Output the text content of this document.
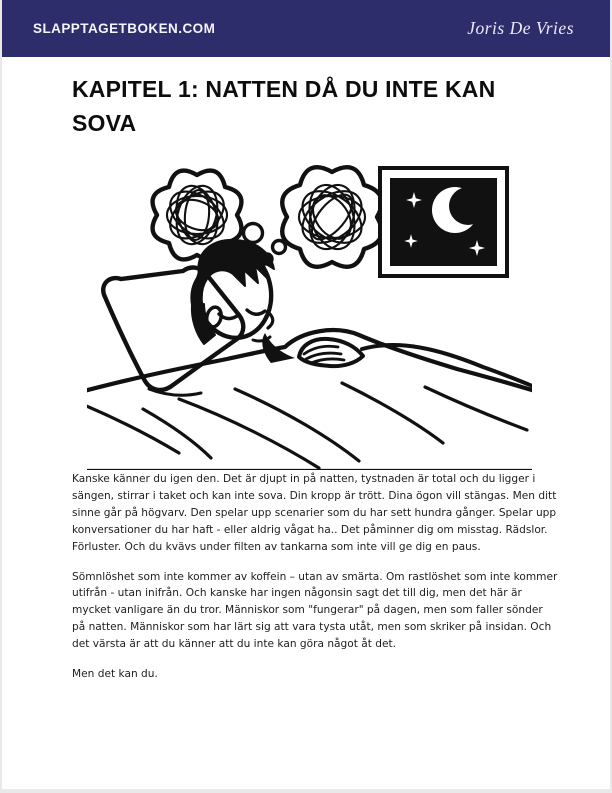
SLAPPTAGETBOKEN.COM	Joris De Vries
KAPITEL 1: NATTEN DÅ DU INTE KAN SOVA

Kanske känner du igen den. Det är djupt in på natten, tystnaden är total och du ligger i sängen, stirrar i taket och kan inte sova. Din kropp är trött. Dina ögon vill stängas. Men ditt sinne går på högvarv. Den spelar upp scenarier som du har sett hundra gånger. Spelar upp konversationer du har haft - eller aldrig vågat ha.. Det påminner dig om misstag. Rädslor. Förluster. Och du kvävs under filten av tankarna som inte vill ge dig en paus.

Sömnlöshet som inte kommer av koffein – utan av smärta. Om rastlöshet som inte kommer utifrån - utan inifrån. Och kanske har ingen någonsin sagt det till dig, men det här är mycket vanligare än du tror. Människor som "fungerar" på dagen, men som faller sönder på natten. Människor som har lärt sig att vara tysta utåt, men som skriker på insidan. Och det värsta är att du känner att du inte kan göra något åt det.

Men det kan du.
